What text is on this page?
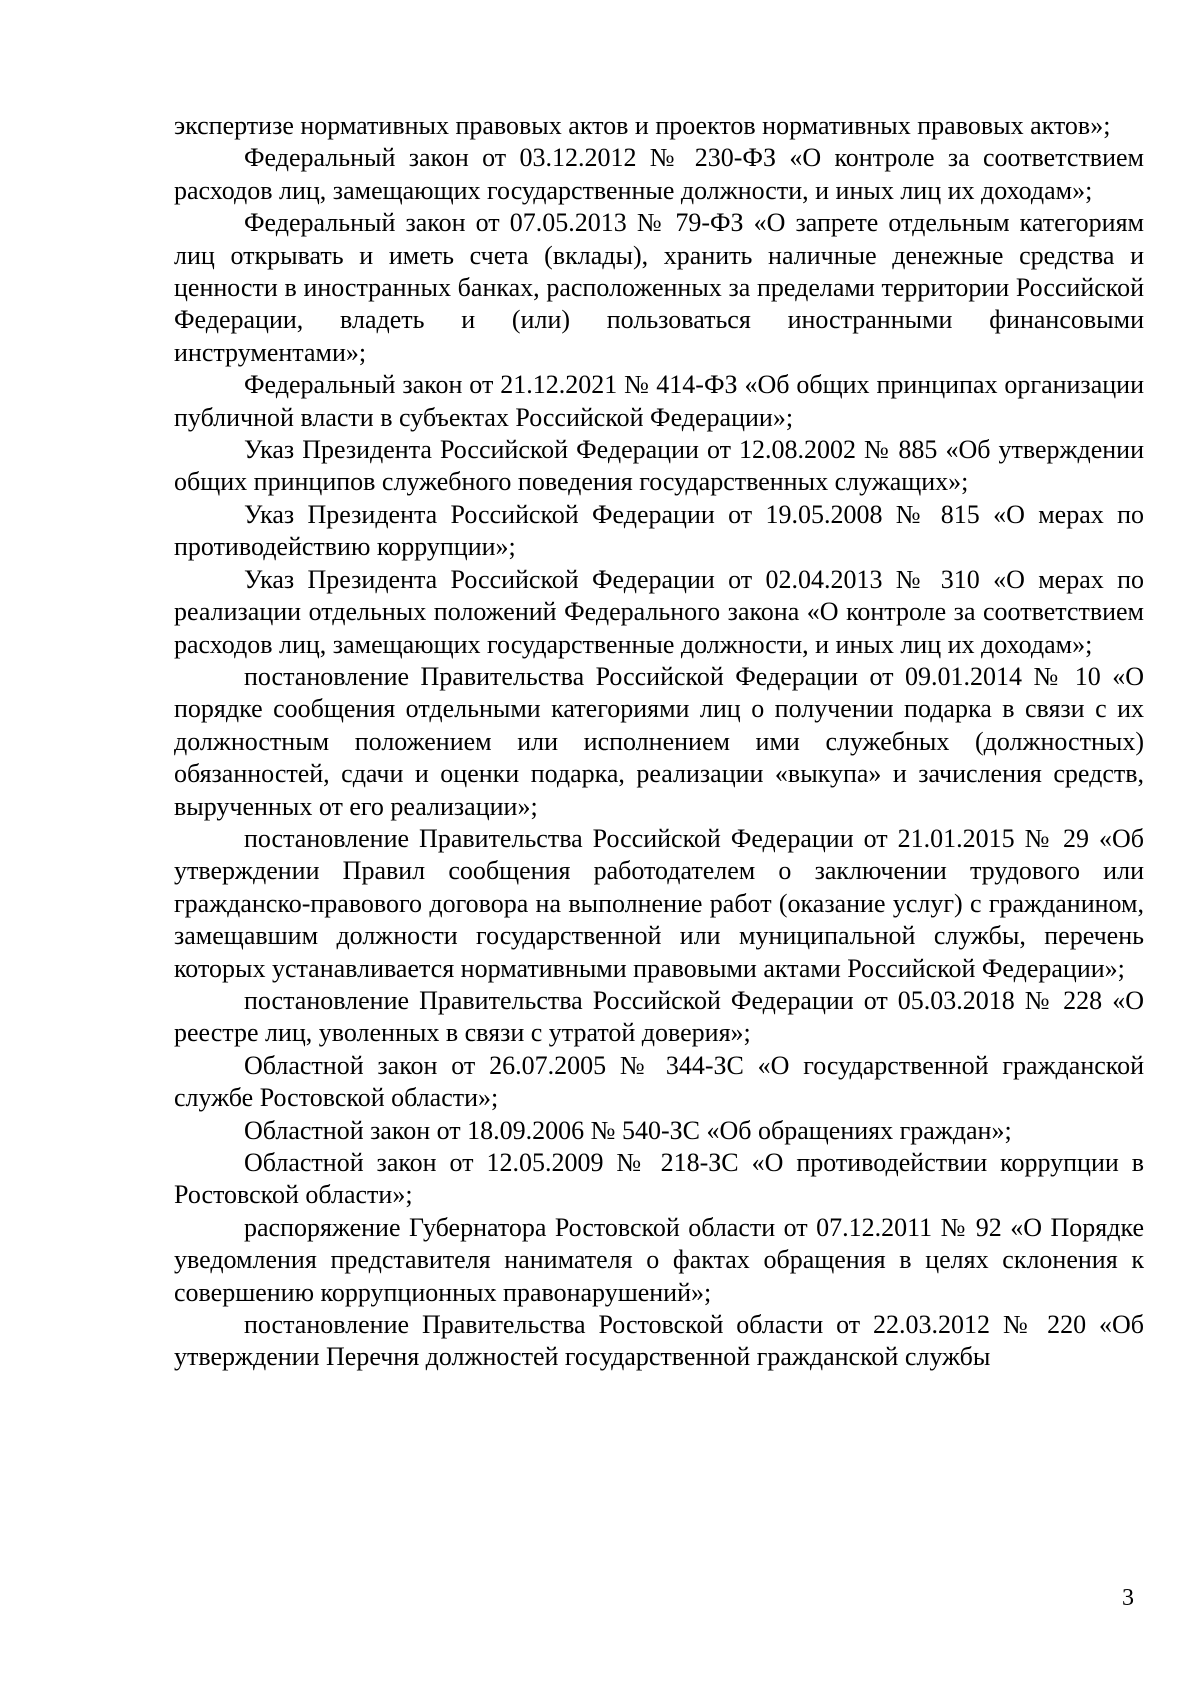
экспертизе нормативных правовых актов и проектов нормативных правовых актов»;

Федеральный закон от 03.12.2012 № 230-ФЗ «О контроле за соответствием расходов лиц, замещающих государственные должности, и иных лиц их доходам»;

Федеральный закон от 07.05.2013 № 79-ФЗ «О запрете отдельным категориям лиц открывать и иметь счета (вклады), хранить наличные денежные средства и ценности в иностранных банках, расположенных за пределами территории Российской Федерации, владеть и (или) пользоваться иностранными финансовыми инструментами»;

Федеральный закон от 21.12.2021 № 414-ФЗ «Об общих принципах организации публичной власти в субъектах Российской Федерации»;

Указ Президента Российской Федерации от 12.08.2002 № 885 «Об утверждении общих принципов служебного поведения государственных служащих»;

Указ Президента Российской Федерации от 19.05.2008 № 815 «О мерах по противодействию коррупции»;

Указ Президента Российской Федерации от 02.04.2013 № 310 «О мерах по реализации отдельных положений Федерального закона «О контроле за соответствием расходов лиц, замещающих государственные должности, и иных лиц их доходам»;

постановление Правительства Российской Федерации от 09.01.2014 № 10 «О порядке сообщения отдельными категориями лиц о получении подарка в связи с их должностным положением или исполнением ими служебных (должностных) обязанностей, сдачи и оценки подарка, реализации «выкупа» и зачисления средств, вырученных от его реализации»;

постановление Правительства Российской Федерации от 21.01.2015 № 29 «Об утверждении Правил сообщения работодателем о заключении трудового или гражданско-правового договора на выполнение работ (оказание услуг) с гражданином, замещавшим должности государственной или муниципальной службы, перечень которых устанавливается нормативными правовыми актами Российской Федерации»;

постановление Правительства Российской Федерации от 05.03.2018 № 228 «О реестре лиц, уволенных в связи с утратой доверия»;

Областной закон от 26.07.2005 № 344-ЗС «О государственной гражданской службе Ростовской области»;

Областной закон от 18.09.2006 № 540-ЗС «Об обращениях граждан»;

Областной закон от 12.05.2009 № 218-ЗС «О противодействии коррупции в Ростовской области»;

распоряжение Губернатора Ростовской области от 07.12.2011 № 92 «О Порядке уведомления представителя нанимателя о фактах обращения в целях склонения к совершению коррупционных правонарушений»;

постановление Правительства Ростовской области от 22.03.2012 № 220 «Об утверждении Перечня должностей государственной гражданской службы

3
